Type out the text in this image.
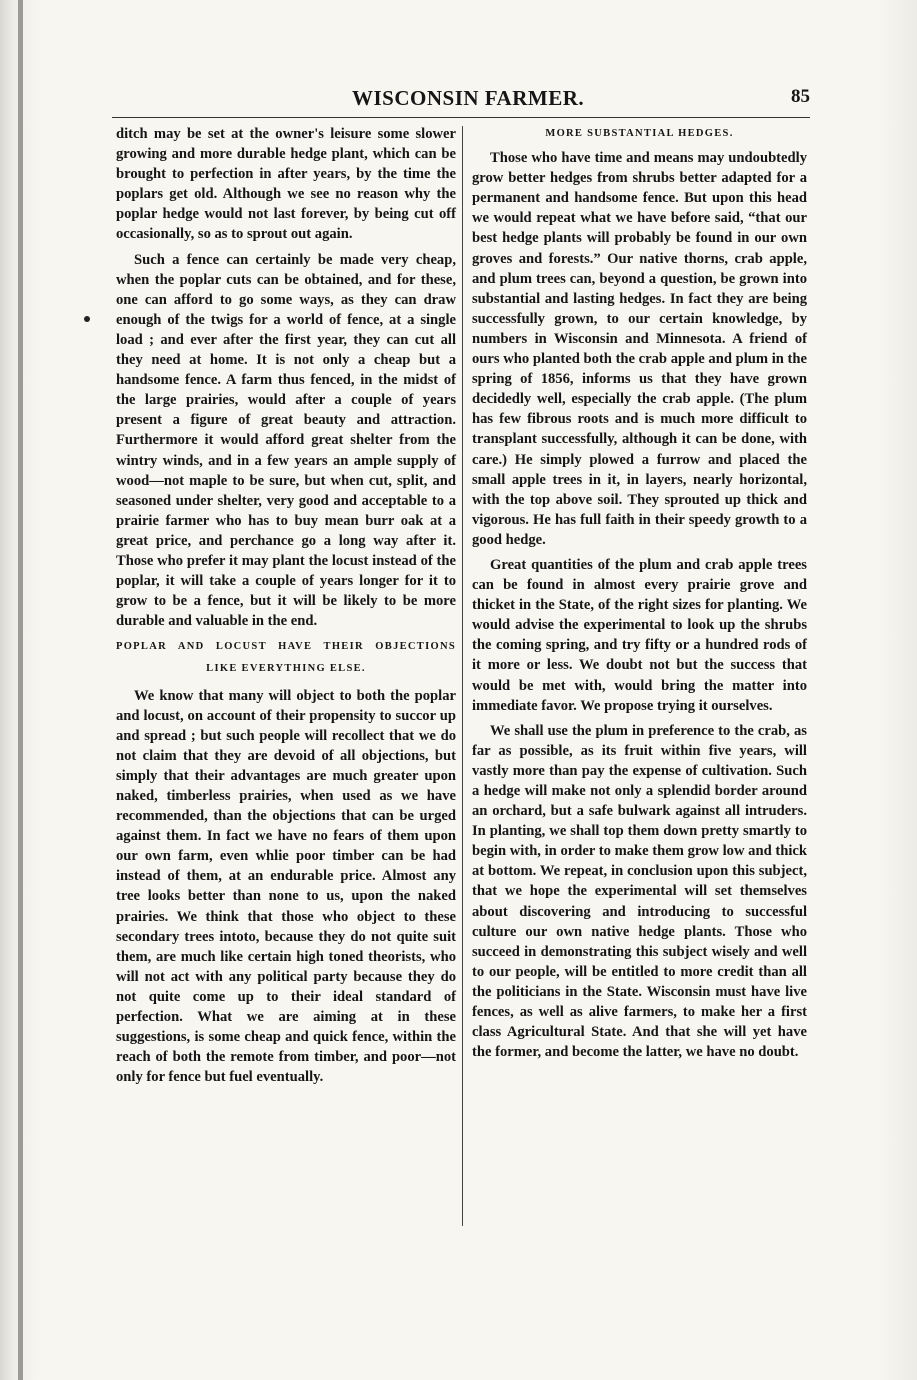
WISCONSIN FARMER.	85

ditch may be set at the owner's leisure some slower growing and more durable hedge plant, which can be brought to perfection in after years, by the time the poplars get old. Although we see no reason why the poplar hedge would not last forever, by being cut off occasionally, so as to sprout out again.

Such a fence can certainly be made very cheap, when the poplar cuts can be obtained, and for these, one can afford to go some ways, as they can draw enough of the twigs for a world of fence, at a single load ; and ever after the first year, they can cut all they need at home. It is not only a cheap but a handsome fence. A farm thus fenced, in the midst of the large prairies, would after a couple of years present a figure of great beauty and attraction. Furthermore it would afford great shelter from the wintry winds, and in a few years an ample supply of wood—not maple to be sure, but when cut, split, and seasoned under shelter, very good and acceptable to a prairie farmer who has to buy mean burr oak at a great price, and perchance go a long way after it. Those who prefer it may plant the locust instead of the poplar, it will take a couple of years longer for it to grow to be a fence, but it will be likely to be more durable and valuable in the end.

POPLAR AND LOCUST HAVE THEIR OBJECTIONS
LIKE EVERYTHING ELSE.

We know that many will object to both the poplar and locust, on account of their propensity to succor up and spread ; but such people will recollect that we do not claim that they are devoid of all objections, but simply that their advantages are much greater upon naked, timberless prairies, when used as we have recommended, than the objections that can be urged against them. In fact we have no fears of them upon our own farm, even whlie poor timber can be had instead of them, at an endurable price. Almost any tree looks better than none to us, upon the naked prairies. We think that those who object to these secondary trees intoto, because they do not quite suit them, are much like certain high toned theorists, who will not act with any political party because they do not quite come up to their ideal standard of perfection. What we are aiming at in these suggestions, is some cheap and quick fence, within the reach of both the remote from timber, and poor—not only for fence but fuel eventually.

MORE SUBSTANTIAL HEDGES.

Those who have time and means may undoubtedly grow better hedges from shrubs better adapted for a permanent and handsome fence. But upon this head we would repeat what we have before said, “that our best hedge plants will probably be found in our own groves and forests.” Our native thorns, crab apple, and plum trees can, beyond a question, be grown into substantial and lasting hedges. In fact they are being successfully grown, to our certain knowledge, by numbers in Wisconsin and Minnesota. A friend of ours who planted both the crab apple and plum in the spring of 1856, informs us that they have grown decidedly well, especially the crab apple. (The plum has few fibrous roots and is much more difficult to transplant successfully, although it can be done, with care.) He simply plowed a furrow and placed the small apple trees in it, in layers, nearly horizontal, with the top above soil. They sprouted up thick and vigorous. He has full faith in their speedy growth to a good hedge.

Great quantities of the plum and crab apple trees can be found in almost every prairie grove and thicket in the State, of the right sizes for planting. We would advise the experimental to look up the shrubs the coming spring, and try fifty or a hundred rods of it more or less. We doubt not but the success that would be met with, would bring the matter into immediate favor. We propose trying it ourselves.

We shall use the plum in preference to the crab, as far as possible, as its fruit within five years, will vastly more than pay the expense of cultivation. Such a hedge will make not only a splendid border around an orchard, but a safe bulwark against all intruders. In planting, we shall top them down pretty smartly to begin with, in order to make them grow low and thick at bottom. We repeat, in conclusion upon this subject, that we hope the experimental will set themselves about discovering and introducing to successful culture our own native hedge plants. Those who succeed in demonstrating this subject wisely and well to our people, will be entitled to more credit than all the politicians in the State. Wisconsin must have live fences, as well as alive farmers, to make her a first class Agricultural State. And that she will yet have the former, and become the latter, we have no doubt.
